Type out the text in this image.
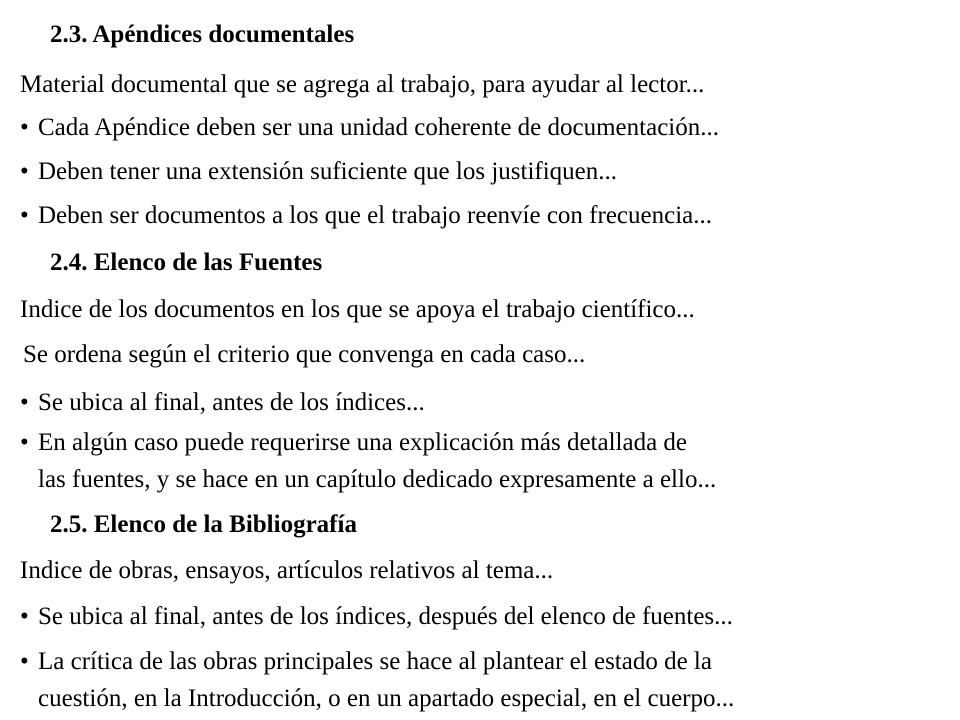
2.3. Apéndices documentales
Material documental que se agrega al trabajo, para ayudar al lector...
• Cada Apéndice deben ser una unidad coherente de documentación...
• Deben tener una extensión suficiente que los justifiquen...
• Deben ser documentos a los que el trabajo reenvíe con frecuencia...
2.4. Elenco de las Fuentes
Indice de los documentos en los que se apoya el trabajo científico...
Se ordena según el criterio que convenga en cada caso...
• Se ubica al final, antes de los índices...
• En algún caso puede requerirse una explicación más detallada de
las fuentes, y se hace en un capítulo dedicado expresamente a ello...
2.5. Elenco de la Bibliografía
Indice de obras, ensayos, artículos relativos al tema...
• Se ubica al final, antes de los índices, después del elenco de fuentes...
• La crítica de las obras principales se hace al plantear el estado de la
cuestión, en la Introducción, o en un apartado especial, en el cuerpo...
